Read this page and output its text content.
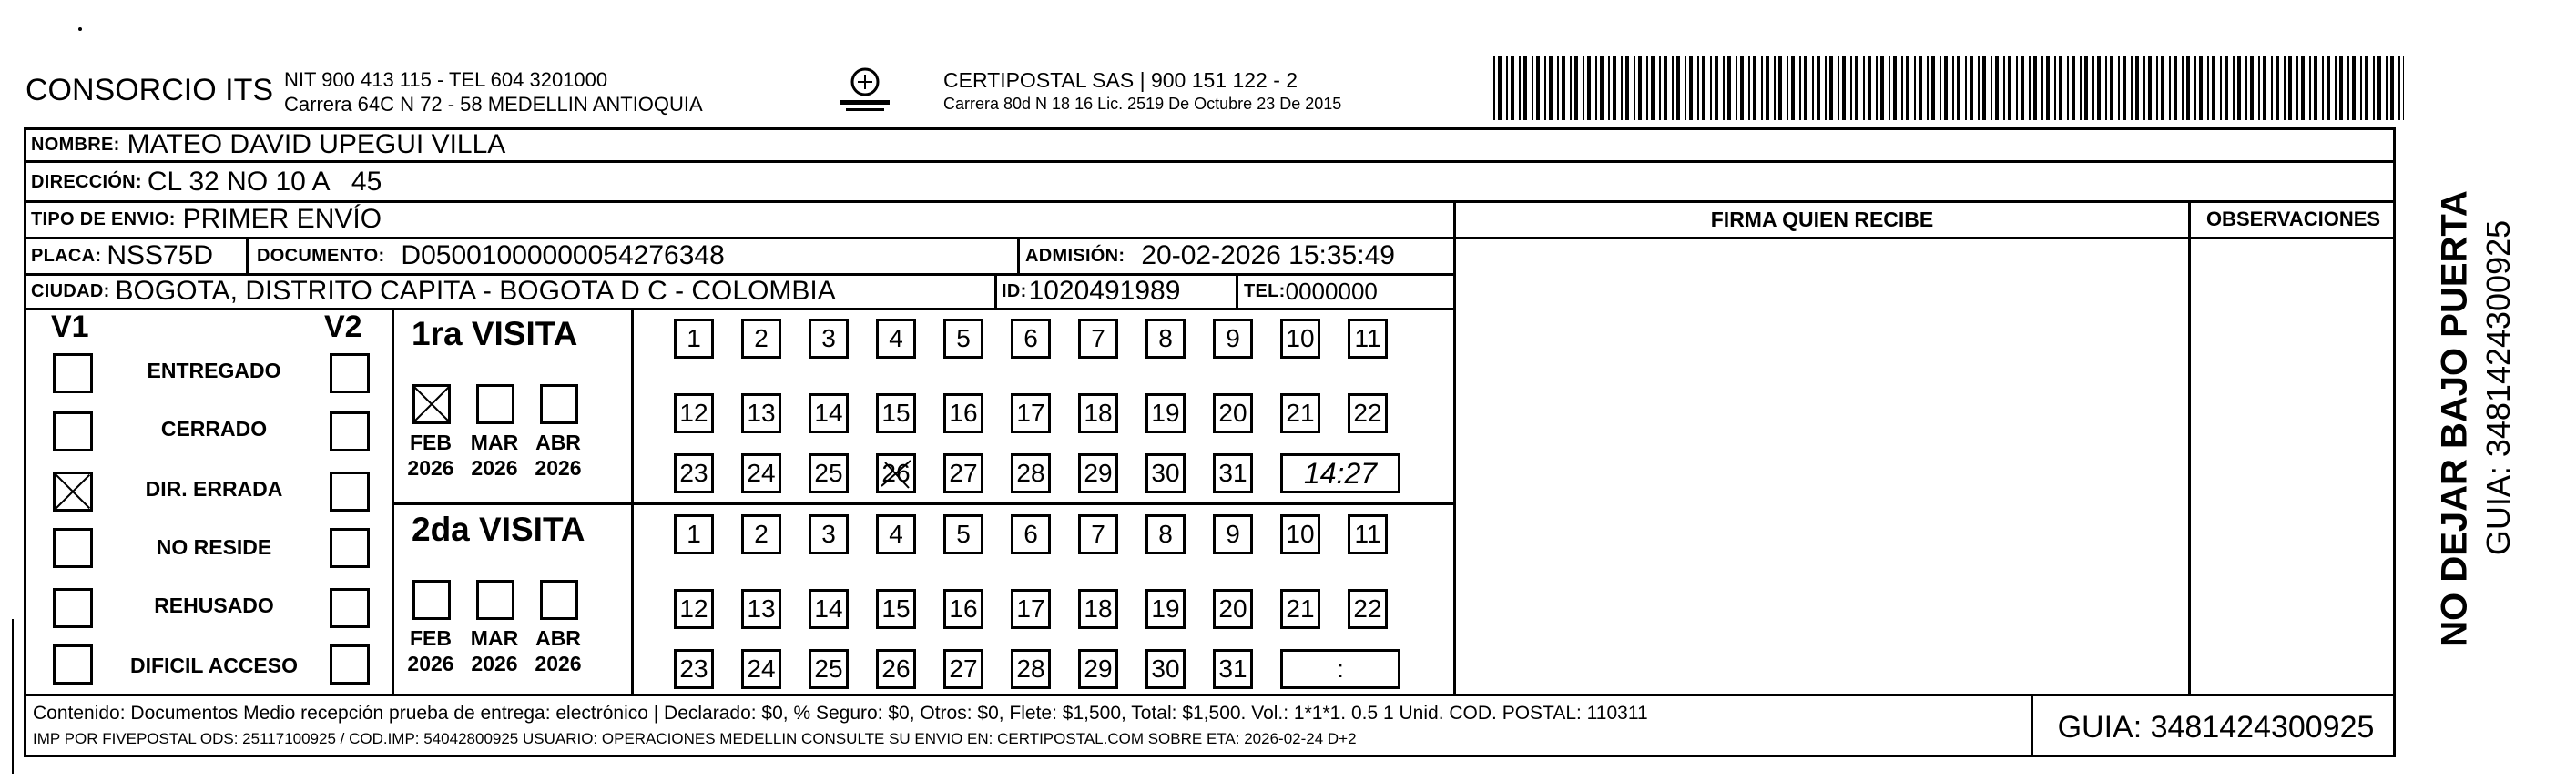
CONSORCIO ITS NIT 900 413 115 - TEL 604 3201000
Carrera 64C N 72 - 58 MEDELLIN ANTIOQUIA
CERTIPOSTAL SAS | 900 151 122 - 2
Carrera 80d N 18 16 Lic. 2519 De Octubre 23 De 2015
NOMBRE: MATEO DAVID UPEGUI VILLA
DIRECCIÓN: CL 32 NO 10 A   45
TIPO DE ENVIO: PRIMER ENVÍO	FIRMA QUIEN RECIBE	OBSERVACIONES
PLACA: NSS75D DOCUMENTO: D05001000000054276348	ADMISIÓN: 20-02-2026 15:35:49
CIUDAD: BOGOTA, DISTRITO CAPITA - BOGOTA D C - COLOMBIA	ID: 1020491989	TEL: 0000000
V1	V2
ENTREGADO
CERRADO
DIR. ERRADA
NO RESIDE
REHUSADO
DIFICIL ACCESO
1ra VISITA
FEB
2026
MAR
2026
ABR
2026
1	2	3	4	5	6	7	8	9	10 11
12 13 14 15 16 17 18 19 20 21 22
23 24 25 26 27 28 29 30 31	14:27
2da VISITA
FEB
2026
MAR
2026
ABR
2026
1	2	3	4	5	6	7	8	9	10 11
12 13 14 15 16 17 18 19 20 21 22
23 24 25 26 27 28 29 30 31	:
Contenido: Documentos Medio recepción prueba de entrega: electrónico | Declarado: $0, % Seguro: $0, Otros: $0, Flete: $1,500, Total: $1,500. Vol.: 1*1*1. 0.5 1 Unid. COD. POSTAL: 110311
IMP POR FIVEPOSTAL ODS: 25117100925 / COD.IMP: 54042800925 USUARIO: OPERACIONES MEDELLIN CONSULTE SU ENVIO EN: CERTIPOSTAL.COM SOBRE ETA: 2026-02-24 D+2	GUIA: 3481424300925
NO DEJAR BAJO PUERTA GUIA: 3481424300925
